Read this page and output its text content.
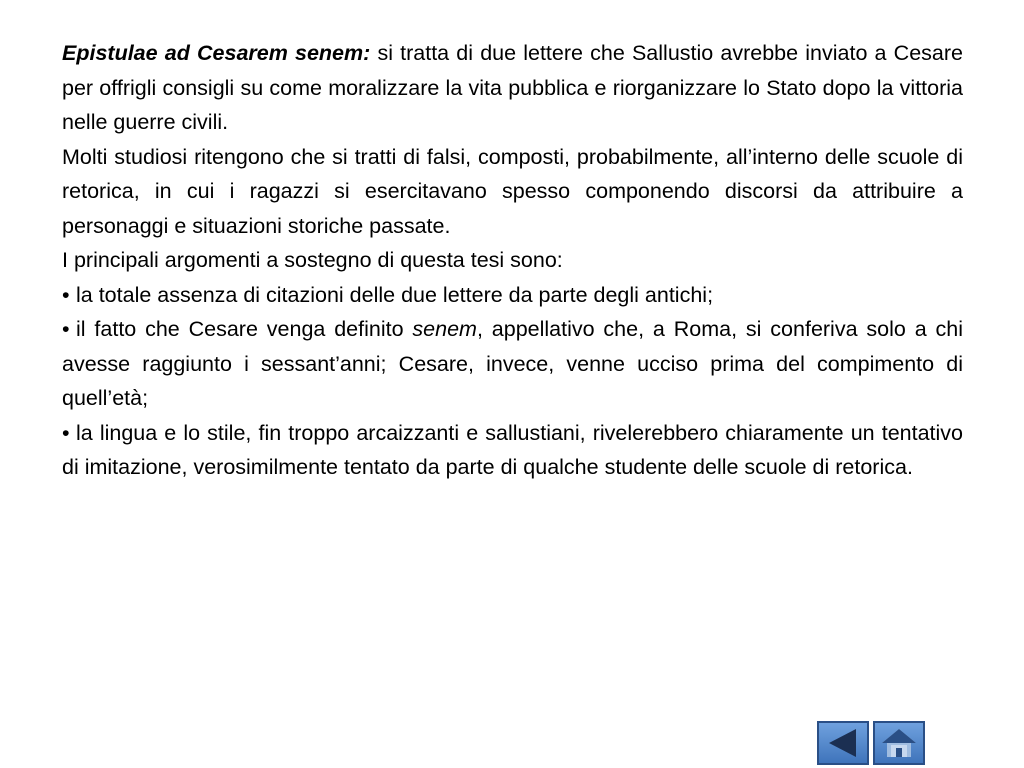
Epistulae ad Cesarem senem: si tratta di due lettere che Sallustio avrebbe inviato a Cesare per offrigli consigli su come moralizzare la vita pubblica e riorganizzare lo Stato dopo la vittoria nelle guerre civili.

Molti studiosi ritengono che si tratti di falsi, composti, probabilmente, all’interno delle scuole di retorica, in cui i ragazzi si esercitavano spesso componendo discorsi da attribuire a personaggi e situazioni storiche passate.

I principali argomenti a sostegno di questa tesi sono:

• la totale assenza di citazioni delle due lettere da parte degli antichi;

• il fatto che Cesare venga definito senem, appellativo che, a Roma, si conferiva solo a chi avesse raggiunto i sessant’anni; Cesare, invece, venne ucciso prima del compimento di quell’età;

• la lingua e lo stile, fin troppo arcaizzanti e sallustiani, rivelerebbero chiaramente un tentativo di imitazione, verosimilmente tentato da parte di qualche studente delle scuole di retorica.
